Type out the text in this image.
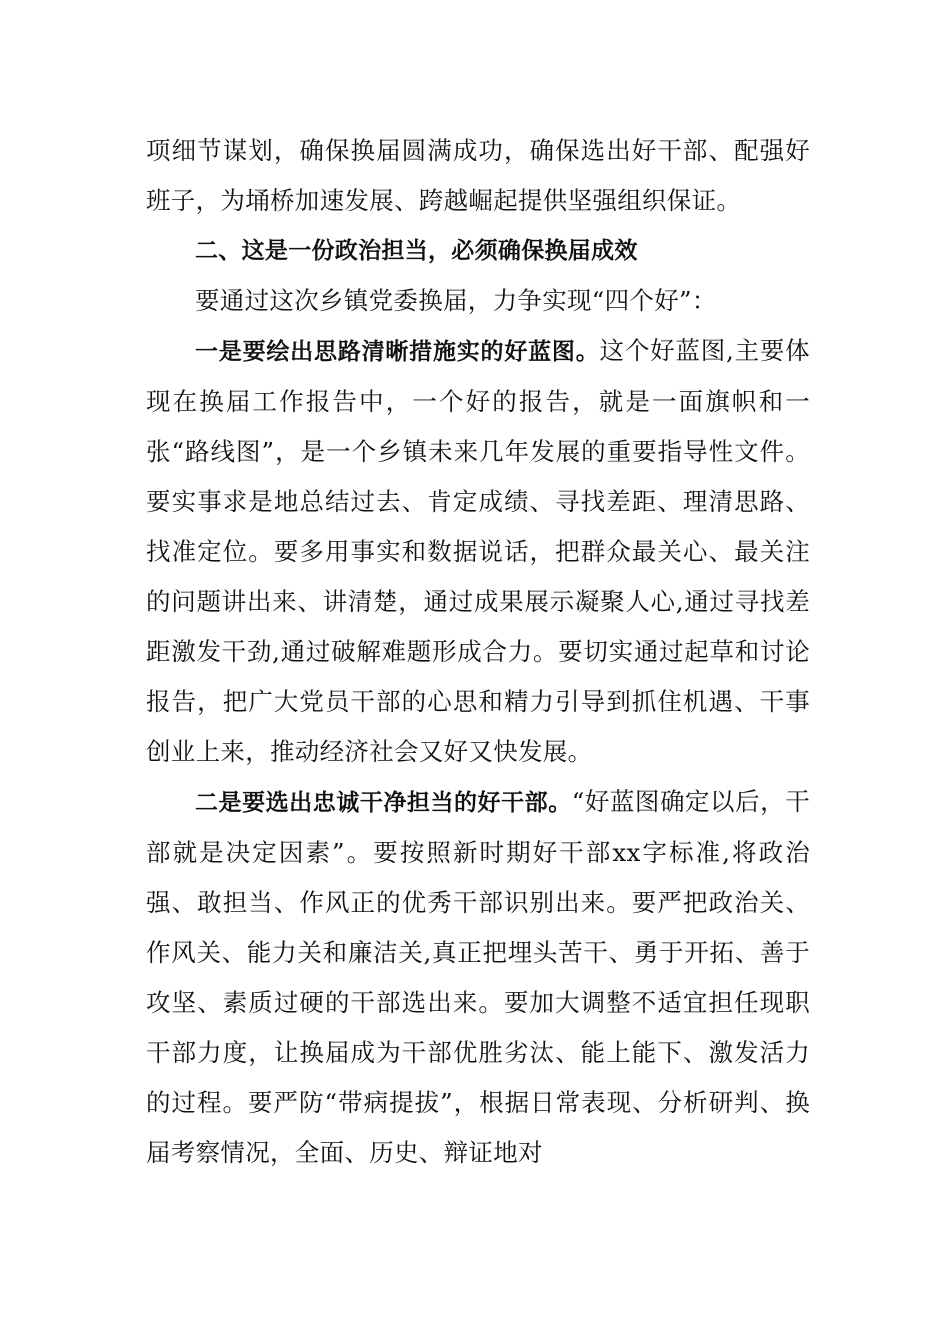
项细节谋划，确保换届圆满成功，确保选出好干部、配强好班子，为埇桥加速发展、跨越崛起提供坚强组织保证。

二、这是一份政治担当，必须确保换届成效

要通过这次乡镇党委换届，力争实现“四个好”：

一是要绘出思路清晰措施实的好蓝图。这个好蓝图,主要体现在换届工作报告中，一个好的报告，就是一面旗帜和一张“路线图”，是一个乡镇未来几年发展的重要指导性文件。要实事求是地总结过去、肯定成绩、寻找差距、理清思路、找准定位。要多用事实和数据说话，把群众最关心、最关注的问题讲出来、讲清楚，通过成果展示凝聚人心,通过寻找差距激发干劲,通过破解难题形成合力。要切实通过起草和讨论报告，把广大党员干部的心思和精力引导到抓住机遇、干事创业上来，推动经济社会又好又快发展。

二是要选出忠诚干净担当的好干部。“好蓝图确定以后，干部就是决定因素”。要按照新时期好干部xx字标准,将政治强、敢担当、作风正的优秀干部识别出来。要严把政治关、作风关、能力关和廉洁关,真正把埋头苦干、勇于开拓、善于攻坚、素质过硬的干部选出来。要加大调整不适宜担任现职干部力度，让换届成为干部优胜劣汰、能上能下、激发活力的过程。要严防“带病提拔”，根据日常表现、分析研判、换届考察情况，全面、历史、辩证地对
